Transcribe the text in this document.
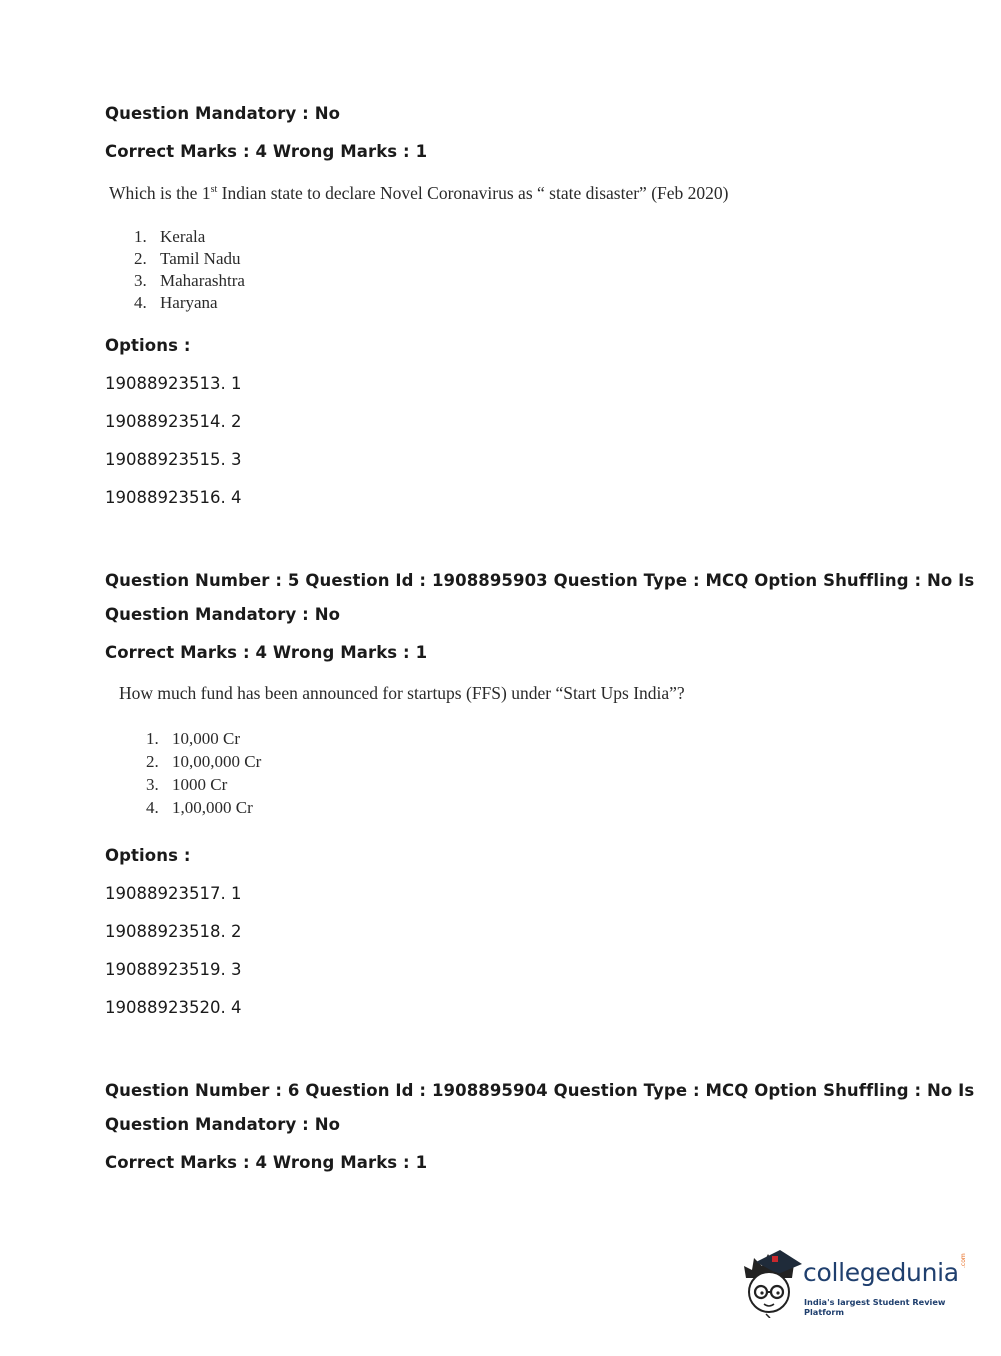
Question Mandatory : No
Correct Marks : 4 Wrong Marks : 1
Which is the 1st Indian state to declare Novel Coronavirus as “ state disaster” (Feb 2020)
1. Kerala
2. Tamil Nadu
3. Maharashtra
4. Haryana
Options :
19088923513. 1
19088923514. 2
19088923515. 3
19088923516. 4
Question Number : 5 Question Id : 1908895903 Question Type : MCQ Option Shuffling : No Is
Question Mandatory : No
Correct Marks : 4 Wrong Marks : 1
How much fund has been announced for startups (FFS) under “Start Ups India”?
1. 10,000 Cr
2. 10,00,000 Cr
3. 1000 Cr
4. 1,00,000 Cr
Options :
19088923517. 1
19088923518. 2
19088923519. 3
19088923520. 4
Question Number : 6 Question Id : 1908895904 Question Type : MCQ Option Shuffling : No Is
Question Mandatory : No
Correct Marks : 4 Wrong Marks : 1
collegedunia .com
India's largest Student Review Platform
